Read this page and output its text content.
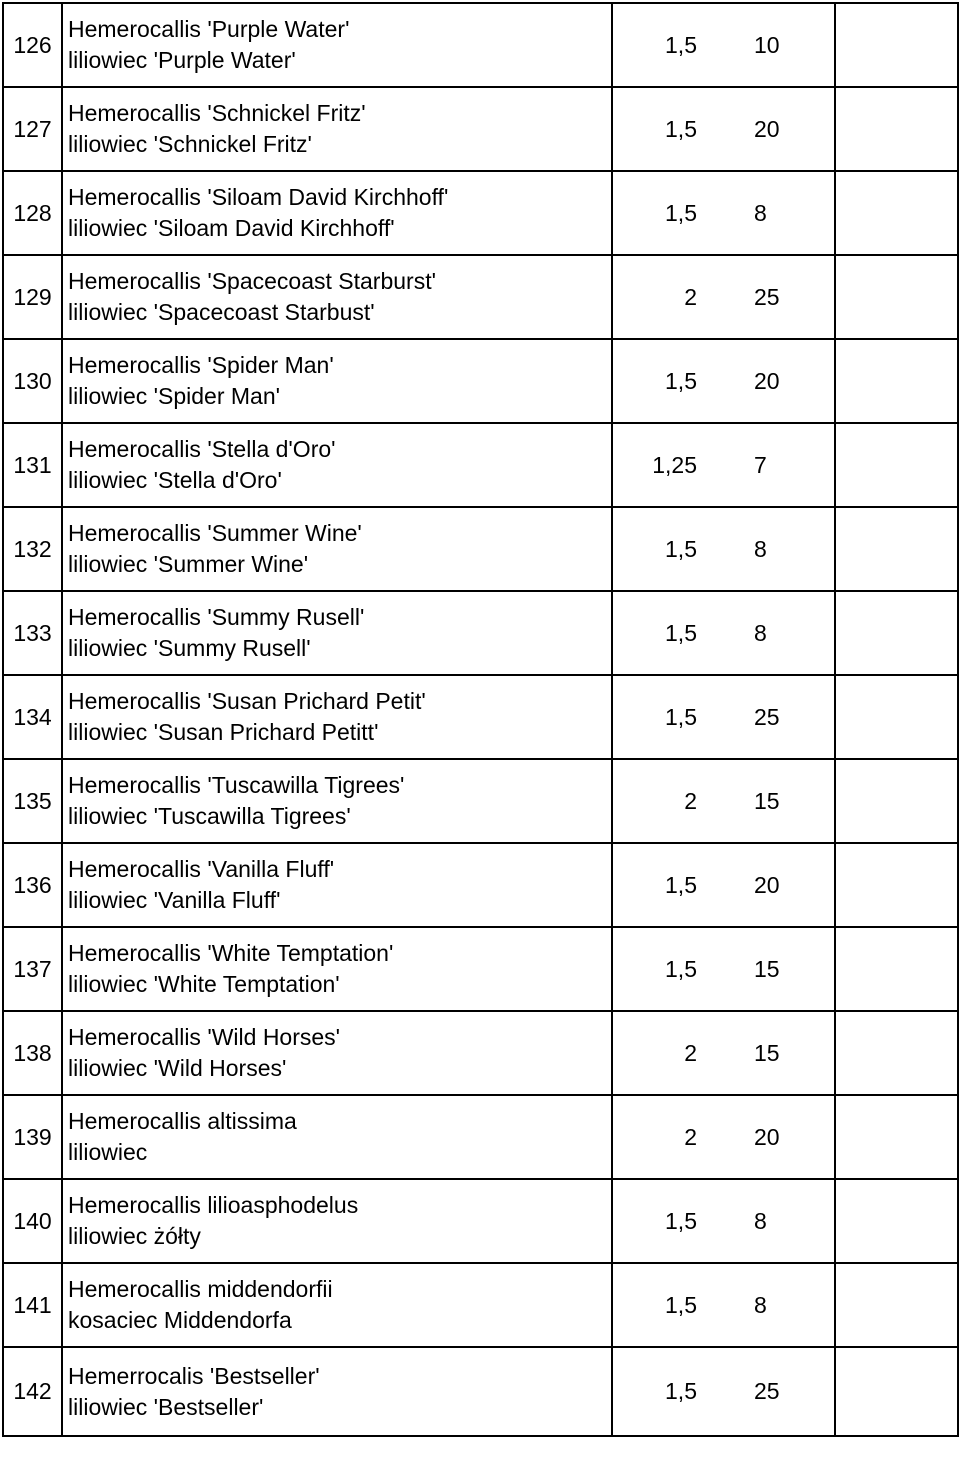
126	Hemerocallis 'Purple Water'
liliowiec 'Purple Water'	1,5	10	
127	Hemerocallis 'Schnickel Fritz'
liliowiec 'Schnickel Fritz'	1,5	20	
128	Hemerocallis 'Siloam David Kirchhoff'
liliowiec 'Siloam David Kirchhoff'	1,5	8	
129	Hemerocallis 'Spacecoast Starburst'
liliowiec 'Spacecoast Starbust'	2	25	
130	Hemerocallis 'Spider Man'
liliowiec 'Spider Man'	1,5	20	
131	Hemerocallis 'Stella d'Oro'
liliowiec 'Stella d'Oro'	1,25	7	
132	Hemerocallis 'Summer Wine'
liliowiec 'Summer Wine'	1,5	8	
133	Hemerocallis 'Summy Rusell'
liliowiec 'Summy Rusell'	1,5	8	
134	Hemerocallis 'Susan Prichard Petit'
liliowiec 'Susan Prichard Petitt'	1,5	25	
135	Hemerocallis 'Tuscawilla Tigrees'
liliowiec 'Tuscawilla Tigrees'	2	15	
136	Hemerocallis 'Vanilla Fluff'
liliowiec 'Vanilla Fluff'	1,5	20	
137	Hemerocallis 'White Temptation'
liliowiec 'White Temptation'	1,5	15	
138	Hemerocallis 'Wild Horses'
liliowiec 'Wild Horses'	2	15	
139	Hemerocallis altissima
liliowiec	2	20	
140	Hemerocallis lilioasphodelus
liliowiec żółty	1,5	8	
141	Hemerocallis middendorfii
kosaciec Middendorfa	1,5	8	
142	Hemerrocalis 'Bestseller'
liliowiec 'Bestseller'	1,5	25	
